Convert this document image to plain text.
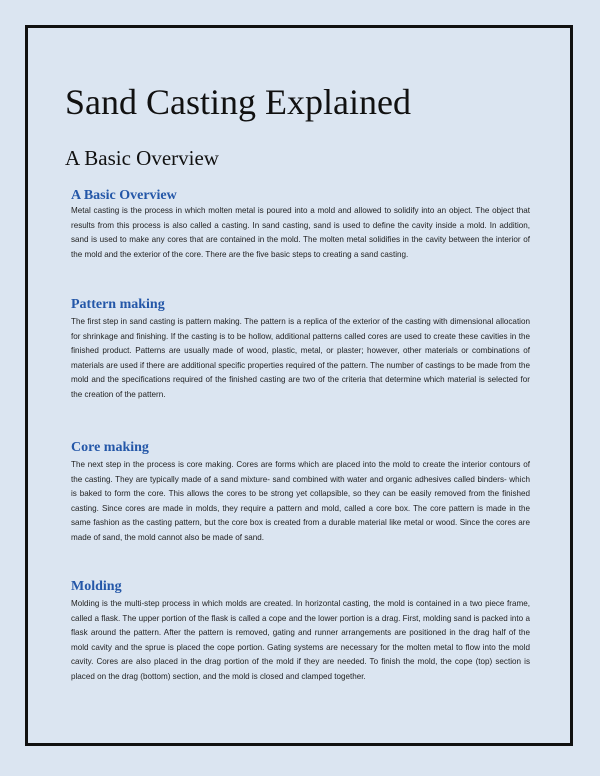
Sand Casting Explained
A Basic Overview
A Basic Overview

Metal casting is the process in which molten metal is poured into a mold and allowed to solidify into an object. The object that results from this process is also called a casting. In sand casting, sand is used to define the cavity inside a mold. In addition, sand is used to make any cores that are contained in the mold. The molten metal solidifies in the cavity between the interior of the mold and the exterior of the core. There are the five basic steps to creating a sand casting.

Pattern making

The first step in sand casting is pattern making. The pattern is a replica of the exterior of the casting with dimensional allocation for shrinkage and finishing. If the casting is to be hollow, additional patterns called cores are used to create these cavities in the finished product. Patterns are usually made of wood, plastic, metal, or plaster; however, other materials or combinations of materials are used if there are additional specific properties required of the pattern. The number of castings to be made from the mold and the specifications required of the finished casting are two of the criteria that determine which material is selected for the creation of the pattern.

Core making

The next step in the process is core making. Cores are forms which are placed into the mold to create the interior contours of the casting. They are typically made of a sand mixture- sand combined with water and organic adhesives called binders- which is baked to form the core. This allows the cores to be strong yet collapsible, so they can be easily removed from the finished casting. Since cores are made in molds, they require a pattern and mold, called a core box. The core pattern is made in the same fashion as the casting pattern, but the core box is created from a durable material like metal or wood. Since the cores are made of sand, the mold cannot also be made of sand.

Molding

Molding is the multi-step process in which molds are created. In horizontal casting, the mold is contained in a two piece frame, called a flask. The upper portion of the flask is called a cope and the lower portion is a drag. First, molding sand is packed into a flask around the pattern. After the pattern is removed, gating and runner arrangements are positioned in the drag half of the mold cavity and the sprue is placed the cope portion. Gating systems are necessary for the molten metal to flow into the mold cavity. Cores are also placed in the drag portion of the mold if they are needed. To finish the mold, the cope (top) section is placed on the drag (bottom) section, and the mold is closed and clamped together.
